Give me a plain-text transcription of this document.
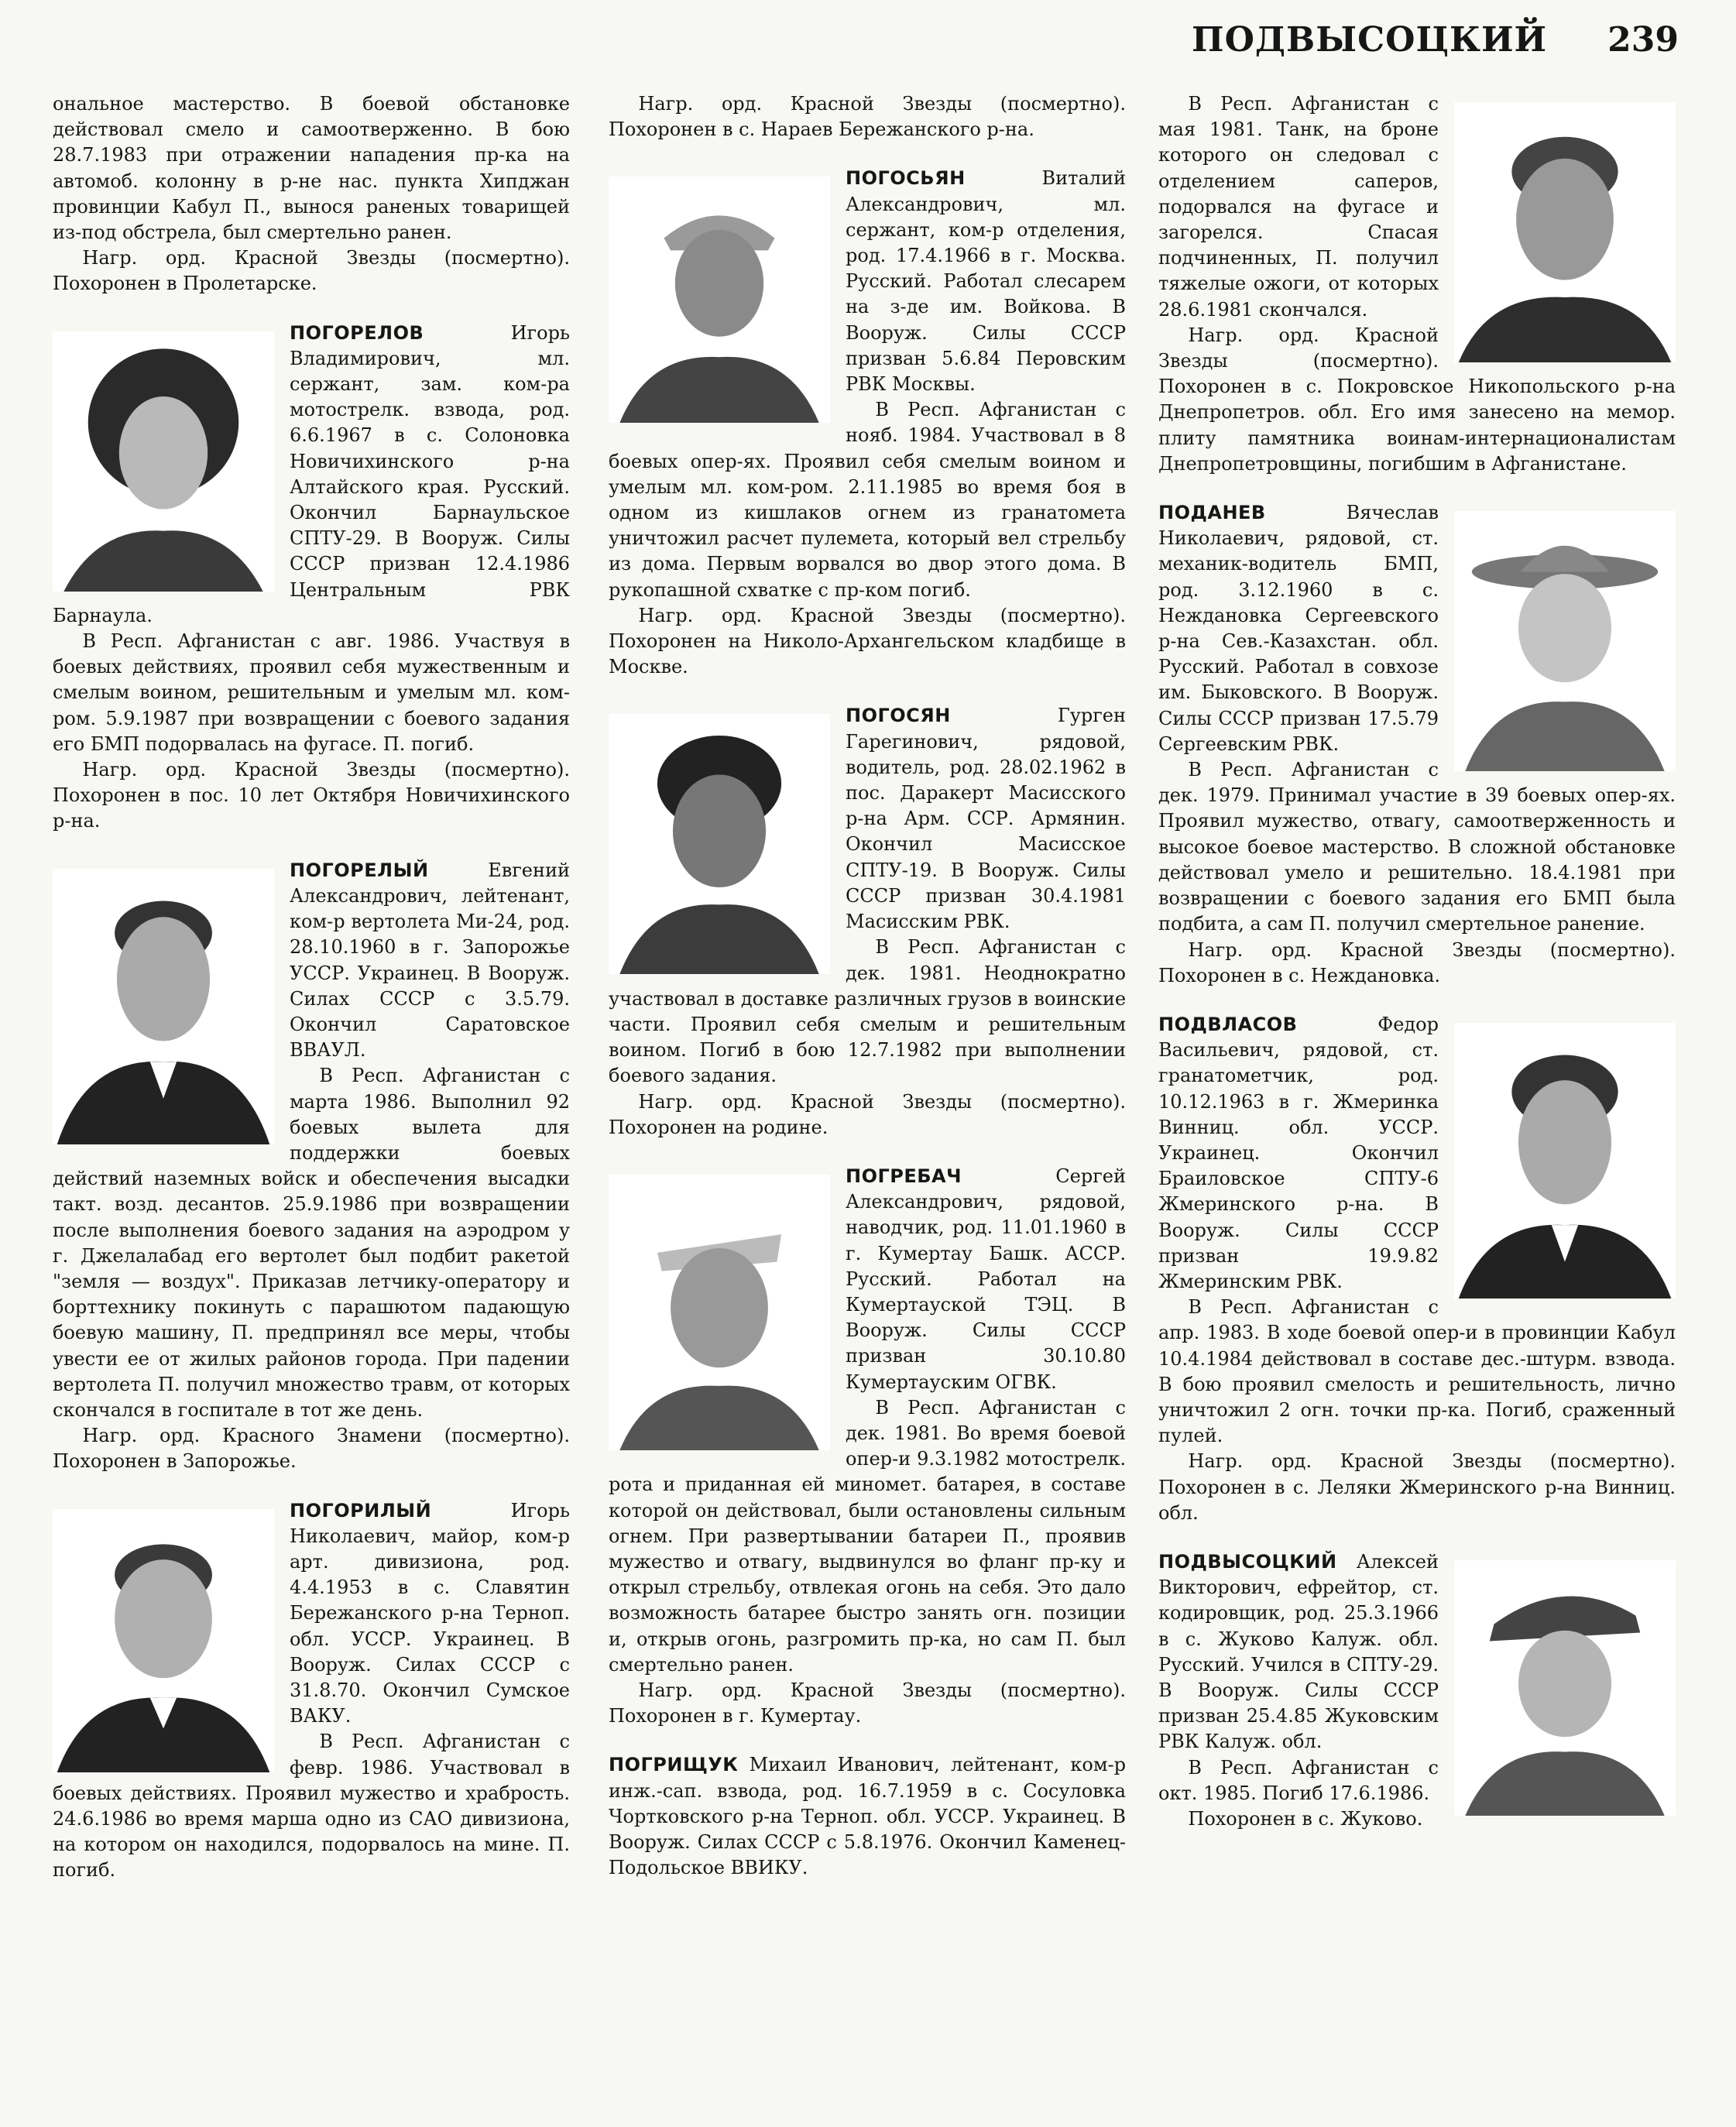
ПОДВЫСОЦКИЙ 239

ональное мастерство. В боевой обстановке действовал смело и самоотверженно. В бою 28.7.1983 при отражении нападения пр-ка на автомоб. колонну в р-не нас. пункта Хипджан провинции Кабул П., вынося раненых товарищей из-под обстрела, был смертельно ранен.

Нагр. орд. Красной Звезды (посмертно). Похоронен в Пролетарске.

ПОГОРЕЛОВ	Игорь Владимирович, мл. сержант, зам. ком-ра мотострелк. взвода, род. 6.6.1967 в с. Солоновка Новичихинского р-на Алтайского края. Русский. Окончил Барнаульское СПТУ-29. В Вооруж. Силы СССР призван 12.4.1986 Центральным РВК Барнаула.

В Респ. Афганистан с авг. 1986. Участвуя в боевых действиях, проявил себя мужественным и смелым воином, решительным и умелым мл. ком-ром. 5.9.1987 при возвращении с боевого задания его БМП подорвалась на фугасе. П. погиб.

Нагр. орд. Красной Звезды (посмертно). Похоронен в пос. 10 лет Октября Новичихинского р-на.

ПОГОРЕЛЫЙ	Евгений Александрович, лейтенант, ком-р вертолета Ми-24, род. 28.10.1960 в г. Запорожье УССР. Украинец. В Вооруж. Силах СССР с 3.5.79. Окончил Саратовское ВВАУЛ.

В Респ. Афганистан с марта 1986. Выполнил 92 боевых вылета для поддержки боевых действий наземных войск и обеспечения высадки такт. возд. десантов. 25.9.1986 при возвращении после выполнения боевого задания на аэродром у г. Джелалабад его вертолет был подбит ракетой "земля — воздух". Приказав летчику-оператору и борттехнику покинуть с парашютом падающую боевую машину, П. предпринял все меры, чтобы увести ее от жилых районов города. При падении вертолета П. получил множество травм, от которых скончался в госпитале в тот же день.

Нагр. орд. Красного Знамени (посмертно). Похоронен в Запорожье.

ПОГОРИЛЫЙ	Игорь Николаевич, майор, ком-р арт. дивизиона, род. 4.4.1953 в с. Славятин Бережанского р-на Терноп. обл. УССР. Украинец. В Вооруж. Силах СССР с 31.8.70. Окончил Сумское ВАКУ.

В Респ. Афганистан с февр. 1986. Участвовал в боевых действиях. Проявил мужество и храбрость. 24.6.1986 во время марша одно из САО дивизиона, на котором он находился, подорвалось на мине. П. погиб.

Нагр. орд. Красной Звезды (посмертно). Похоронен в с. Нараев Бережанского р-на.

ПОГОСЬЯН	Виталий Александрович, мл. сержант, ком-р отделения, род. 17.4.1966 в г. Москва. Русский. Работал слесарем на з-де им. Войкова. В Вооруж. Силы СССР призван 5.6.84 Перовским РВК Москвы.

В Респ. Афганистан с нояб. 1984. Участвовал в 8 боевых опер-ях. Проявил себя смелым воином и умелым мл. ком-ром. 2.11.1985 во время боя в одном из кишлаков огнем из гранатомета уничтожил расчет пулемета, который вел стрельбу из дома. Первым ворвался во двор этого дома. В рукопашной схватке с пр-ком погиб.

Нагр. орд. Красной Звезды (посмертно). Похоронен на Николо-Архангельском кладбище в Москве.

ПОГОСЯН	Гурген Гарегинович, рядовой, водитель, род. 28.02.1962 в пос. Даракерт Масисского р-на Арм. ССР. Армянин. Окончил Масисское СПТУ-19. В Вооруж. Силы СССР призван 30.4.1981 Масисским РВК.

В Респ. Афганистан с дек. 1981. Неоднократно участвовал в доставке различных грузов в воинские части. Проявил себя смелым и решительным воином. Погиб в бою 12.7.1982 при выполнении боевого задания.

Нагр. орд. Красной Звезды (посмертно). Похоронен на родине.

ПОГРЕБАЧ	Сергей Александрович, рядовой, наводчик, род. 11.01.1960 в г. Кумертау Башк. АССР. Русский. Работал на Кумертауской ТЭЦ. В Вооруж. Силы СССР призван 30.10.80 Кумертауским ОГВК.

В Респ. Афганистан с дек. 1981. Во время боевой опер-и 9.3.1982 мотострелк. рота и приданная ей миномет. батарея, в составе которой он действовал, были остановлены сильным огнем. При развертывании батареи П., проявив мужество и отвагу, выдвинулся во фланг пр-ку и открыл стрельбу, отвлекая огонь на себя. Это дало возможность батарее быстро занять огн. позиции и, открыв огонь, разгромить пр-ка, но сам П. был смертельно ранен.

Нагр. орд. Красной Звезды (посмертно). Похоронен в г. Кумертау.

ПОГРИЩУК Михаил Иванович, лейтенант, ком-р инж.-сап. взвода, род. 16.7.1959 в с. Сосуловка Чортковского р-на Терноп. обл. УССР. Украинец. В Вооруж. Силах СССР с 5.8.1976. Окончил Каменец-Подольское ВВИКУ.

В Респ. Афганистан с мая 1981. Танк, на броне которого он следовал с отделением саперов, подорвался на фугасе и загорелся. Спасая подчиненных, П. получил тяжелые ожоги, от которых 28.6.1981 скончался.

Нагр. орд. Красной Звезды (посмертно). Похоронен в с. Покровское Никопольского р-на Днепропетров. обл. Его имя занесено на мемор. плиту памятника воинам-интернационалистам Днепропетровщины, погибшим в Афганистане.

ПОДАНЕВ	Вячеслав Николаевич, рядовой, ст. механик-водитель БМП, род. 3.12.1960 в с. Неждановка Сергеевского р-на Сев.-Казахстан. обл. Русский. Работал в совхозе им. Быковского. В Вооруж. Силы СССР призван 17.5.79 Сергеевским РВК.

В Респ. Афганистан с дек. 1979. Принимал участие в 39 боевых опер-ях. Проявил мужество, отвагу, самоотверженность и высокое боевое мастерство. В сложной обстановке действовал умело и решительно. 18.4.1981 при возвращении с боевого задания его БМП была подбита, а сам П. получил смертельное ранение.

Нагр. орд. Красной Звезды (посмертно). Похоронен в с. Неждановка.

ПОДВЛАСОВ	Федор Васильевич, рядовой, ст. гранатометчик, род. 10.12.1963 в г. Жмеринка Винниц. обл. УССР. Украинец. Окончил Браиловское СПТУ-6 Жмеринского р-на. В Вооруж. Силы СССР призван 19.9.82 Жмеринским РВК.

В Респ. Афганистан с апр. 1983. В ходе боевой опер-и в провинции Кабул 10.4.1984 действовал в составе дес.-штурм. взвода. В бою проявил смелость и решительность, лично уничтожил 2 огн. точки пр-ка. Погиб, сраженный пулей.

Нагр. орд. Красной Звезды (посмертно). Похоронен в с. Леляки Жмеринского р-на Винниц. обл.

ПОДВЫСОЦКИЙ Алексей Викторович, ефрейтор, ст. кодировщик, род. 25.3.1966 в с. Жуково Калуж. обл. Русский. Учился в СПТУ-29. В Вооруж. Силы СССР призван 25.4.85 Жуковским РВК Калуж. обл.

В Респ. Афганистан с окт. 1985. Погиб 17.6.1986.

Похоронен в с. Жуково.
